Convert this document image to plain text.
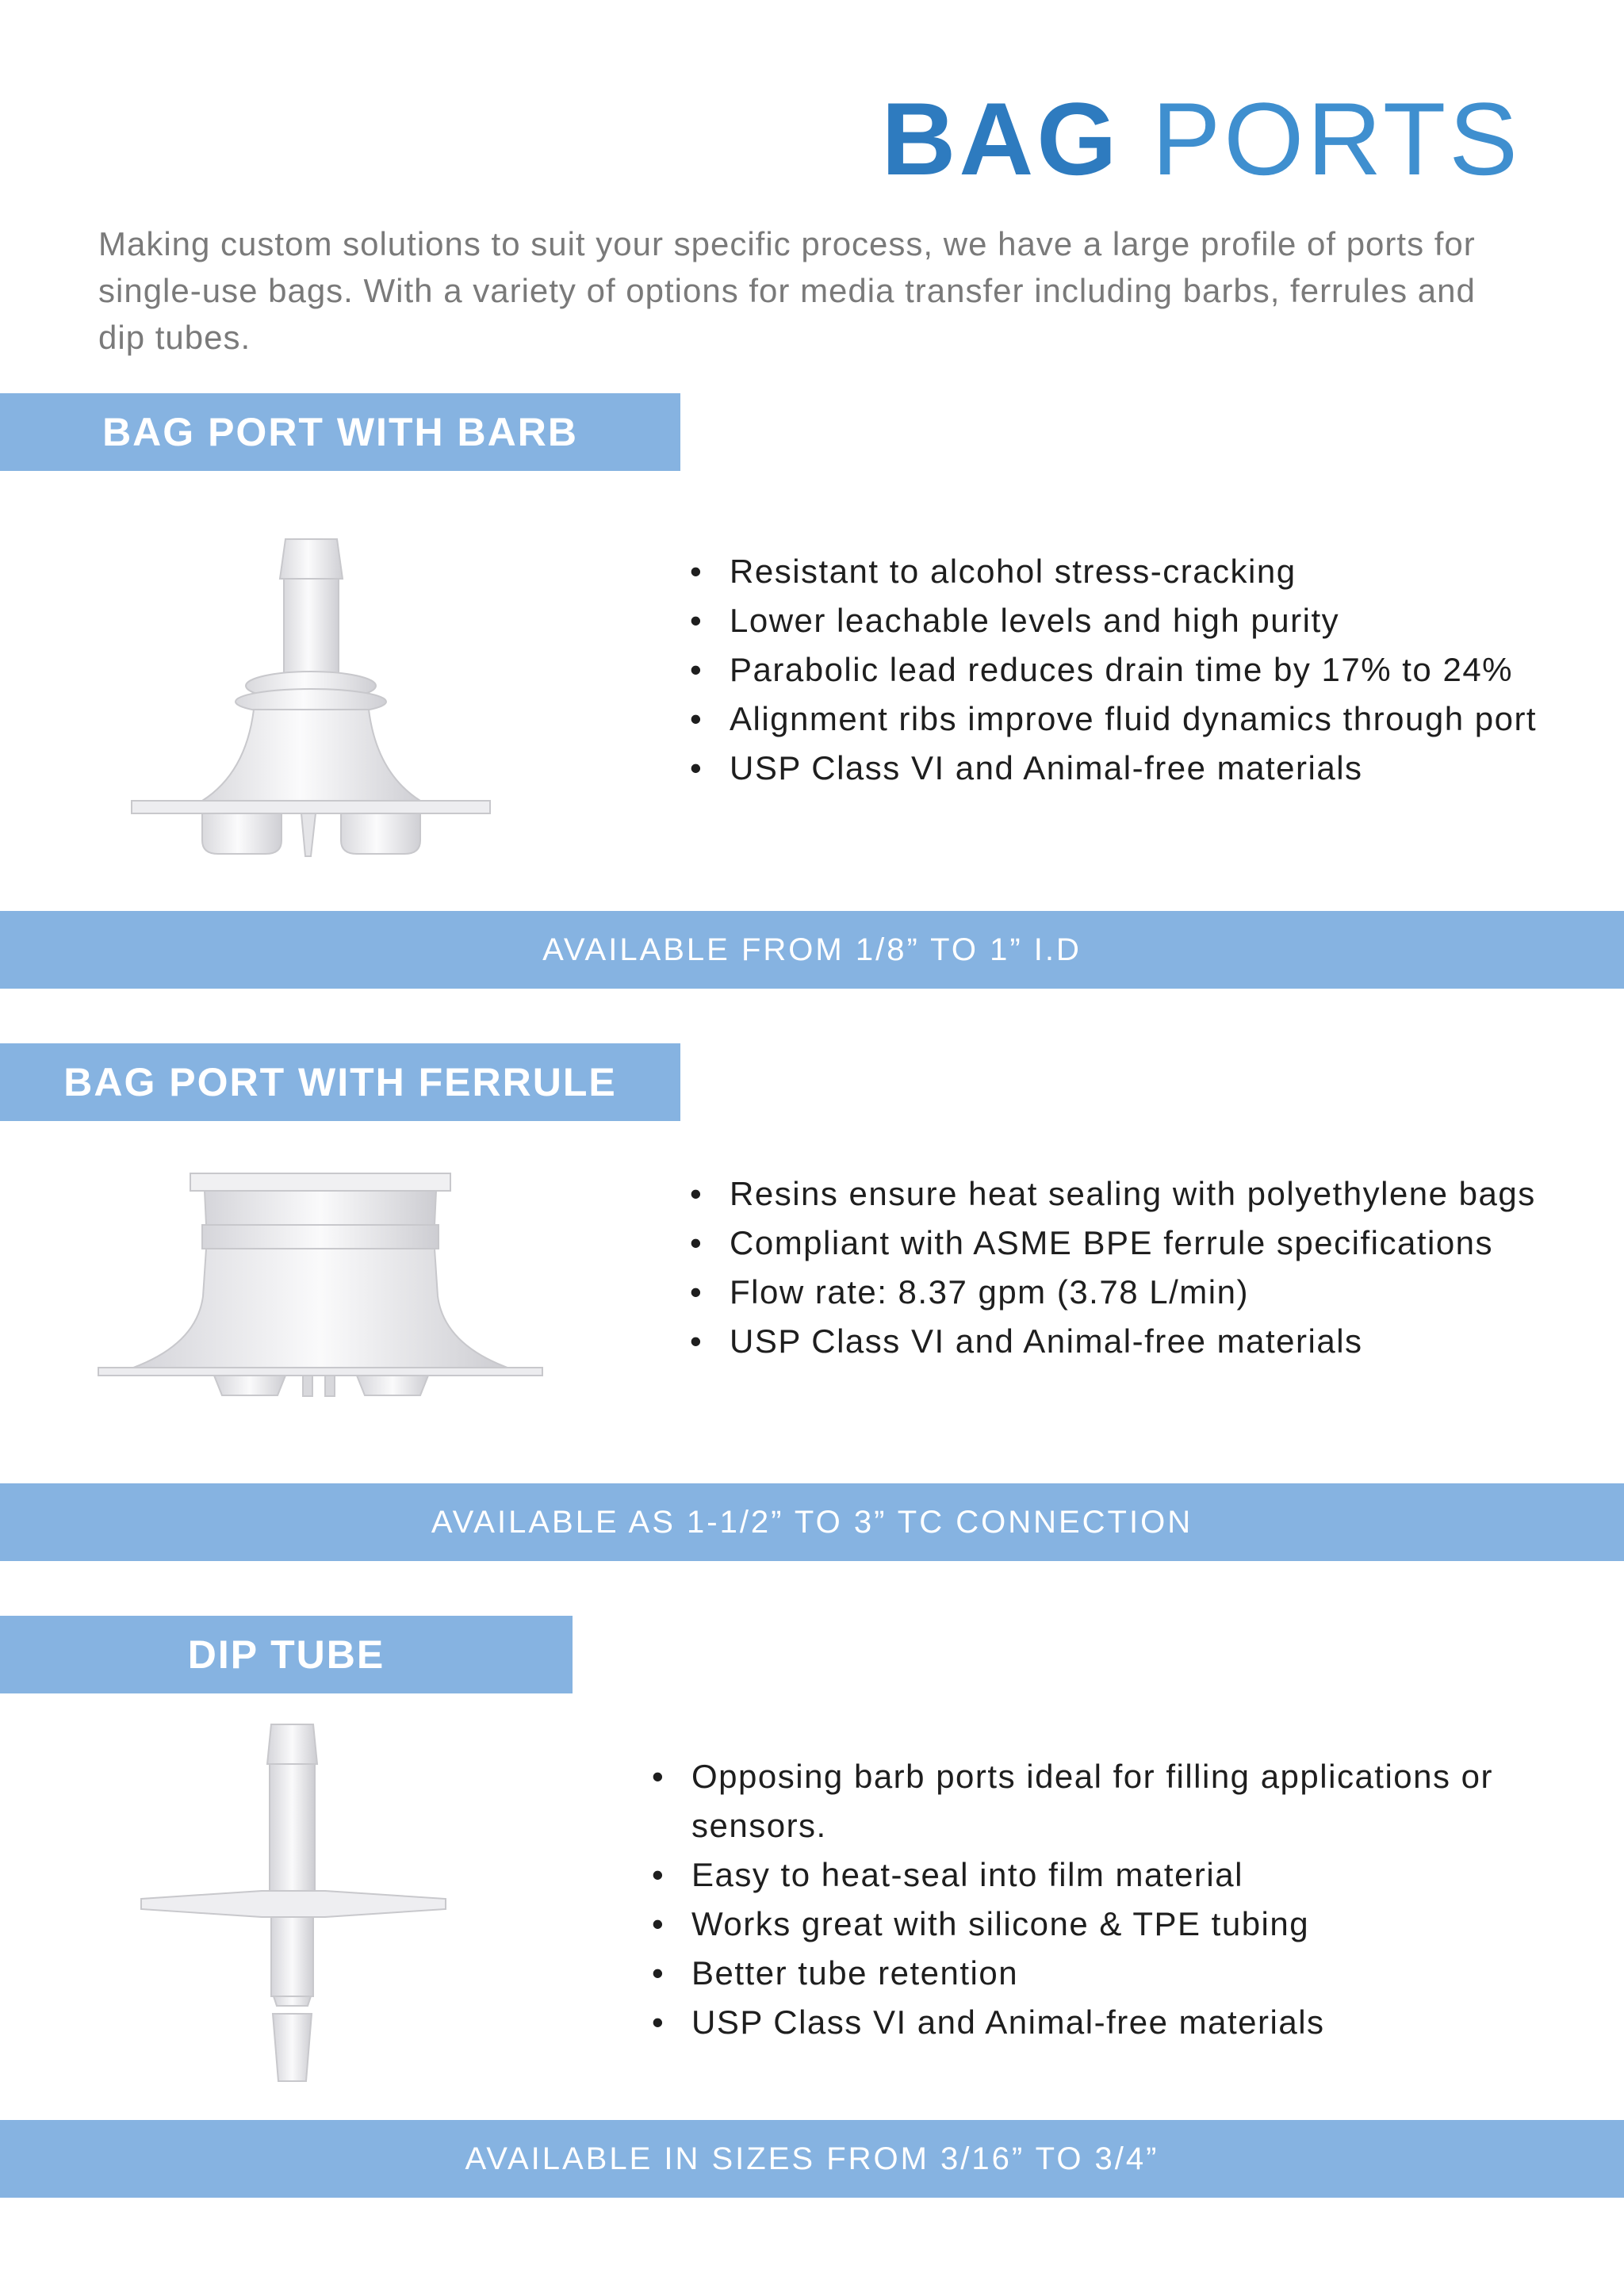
BAG PORTS
Making custom solutions to suit your specific process, we have a large profile of ports for single-use bags. With a variety of options for media transfer including barbs, ferrules and dip tubes.
BAG PORT WITH BARB
• Resistant to alcohol stress-cracking
• Lower leachable levels and high purity
• Parabolic lead reduces drain time by 17% to 24%
• Alignment ribs improve fluid dynamics through port
• USP Class VI and Animal-free materials
AVAILABLE FROM 1/8” TO 1” I.D
BAG PORT WITH FERRULE
• Resins ensure heat sealing with polyethylene bags
• Compliant with ASME BPE ferrule specifications
• Flow rate: 8.37 gpm (3.78 L/min)
• USP Class VI and Animal-free materials
AVAILABLE AS 1-1/2” TO 3” TC CONNECTION
DIP TUBE
• Opposing barb ports ideal for filling applications or sensors.
• Easy to heat-seal into film material
• Works great with silicone & TPE tubing
• Better tube retention
• USP Class VI and Animal-free materials
AVAILABLE IN SIZES FROM 3/16” TO 3/4”
